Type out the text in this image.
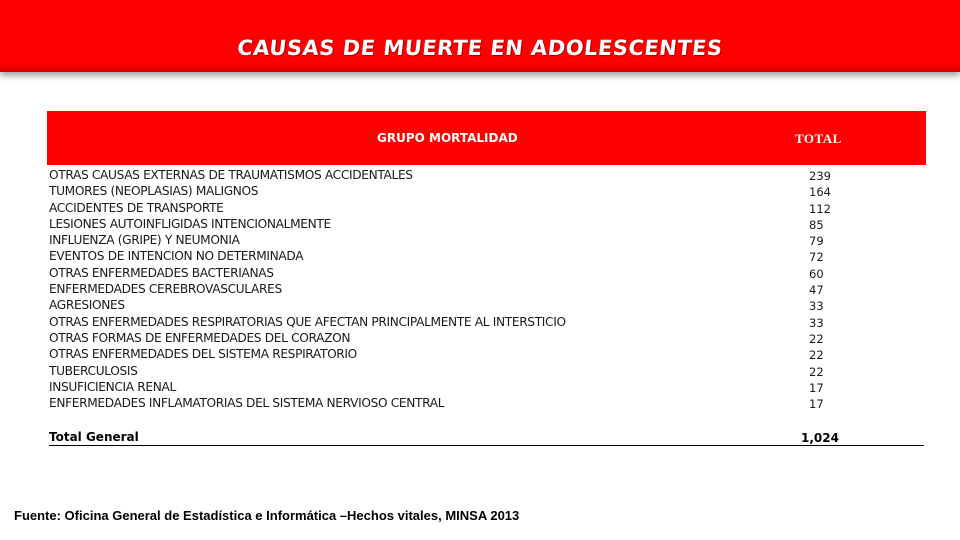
CAUSAS DE MUERTE EN ADOLESCENTES
GRUPO MORTALIDAD	TOTAL
OTRAS CAUSAS EXTERNAS DE TRAUMATISMOS ACCIDENTALES	239
TUMORES (NEOPLASIAS) MALIGNOS	164
ACCIDENTES DE TRANSPORTE	112
LESIONES AUTOINFLIGIDAS INTENCIONALMENTE	85
INFLUENZA (GRIPE) Y NEUMONIA	79
EVENTOS DE INTENCION NO DETERMINADA	72
OTRAS ENFERMEDADES BACTERIANAS	60
ENFERMEDADES CEREBROVASCULARES	47
AGRESIONES	33
OTRAS ENFERMEDADES RESPIRATORIAS QUE AFECTAN PRINCIPALMENTE AL INTERSTICIO	33
OTRAS FORMAS DE ENFERMEDADES DEL CORAZON	22
OTRAS ENFERMEDADES DEL SISTEMA RESPIRATORIO	22
TUBERCULOSIS	22
INSUFICIENCIA RENAL	17
ENFERMEDADES INFLAMATORIAS DEL SISTEMA NERVIOSO CENTRAL	17
Total General	1,024
Fuente: Oficina General de Estadística e Informática –Hechos vitales, MINSA 2013
